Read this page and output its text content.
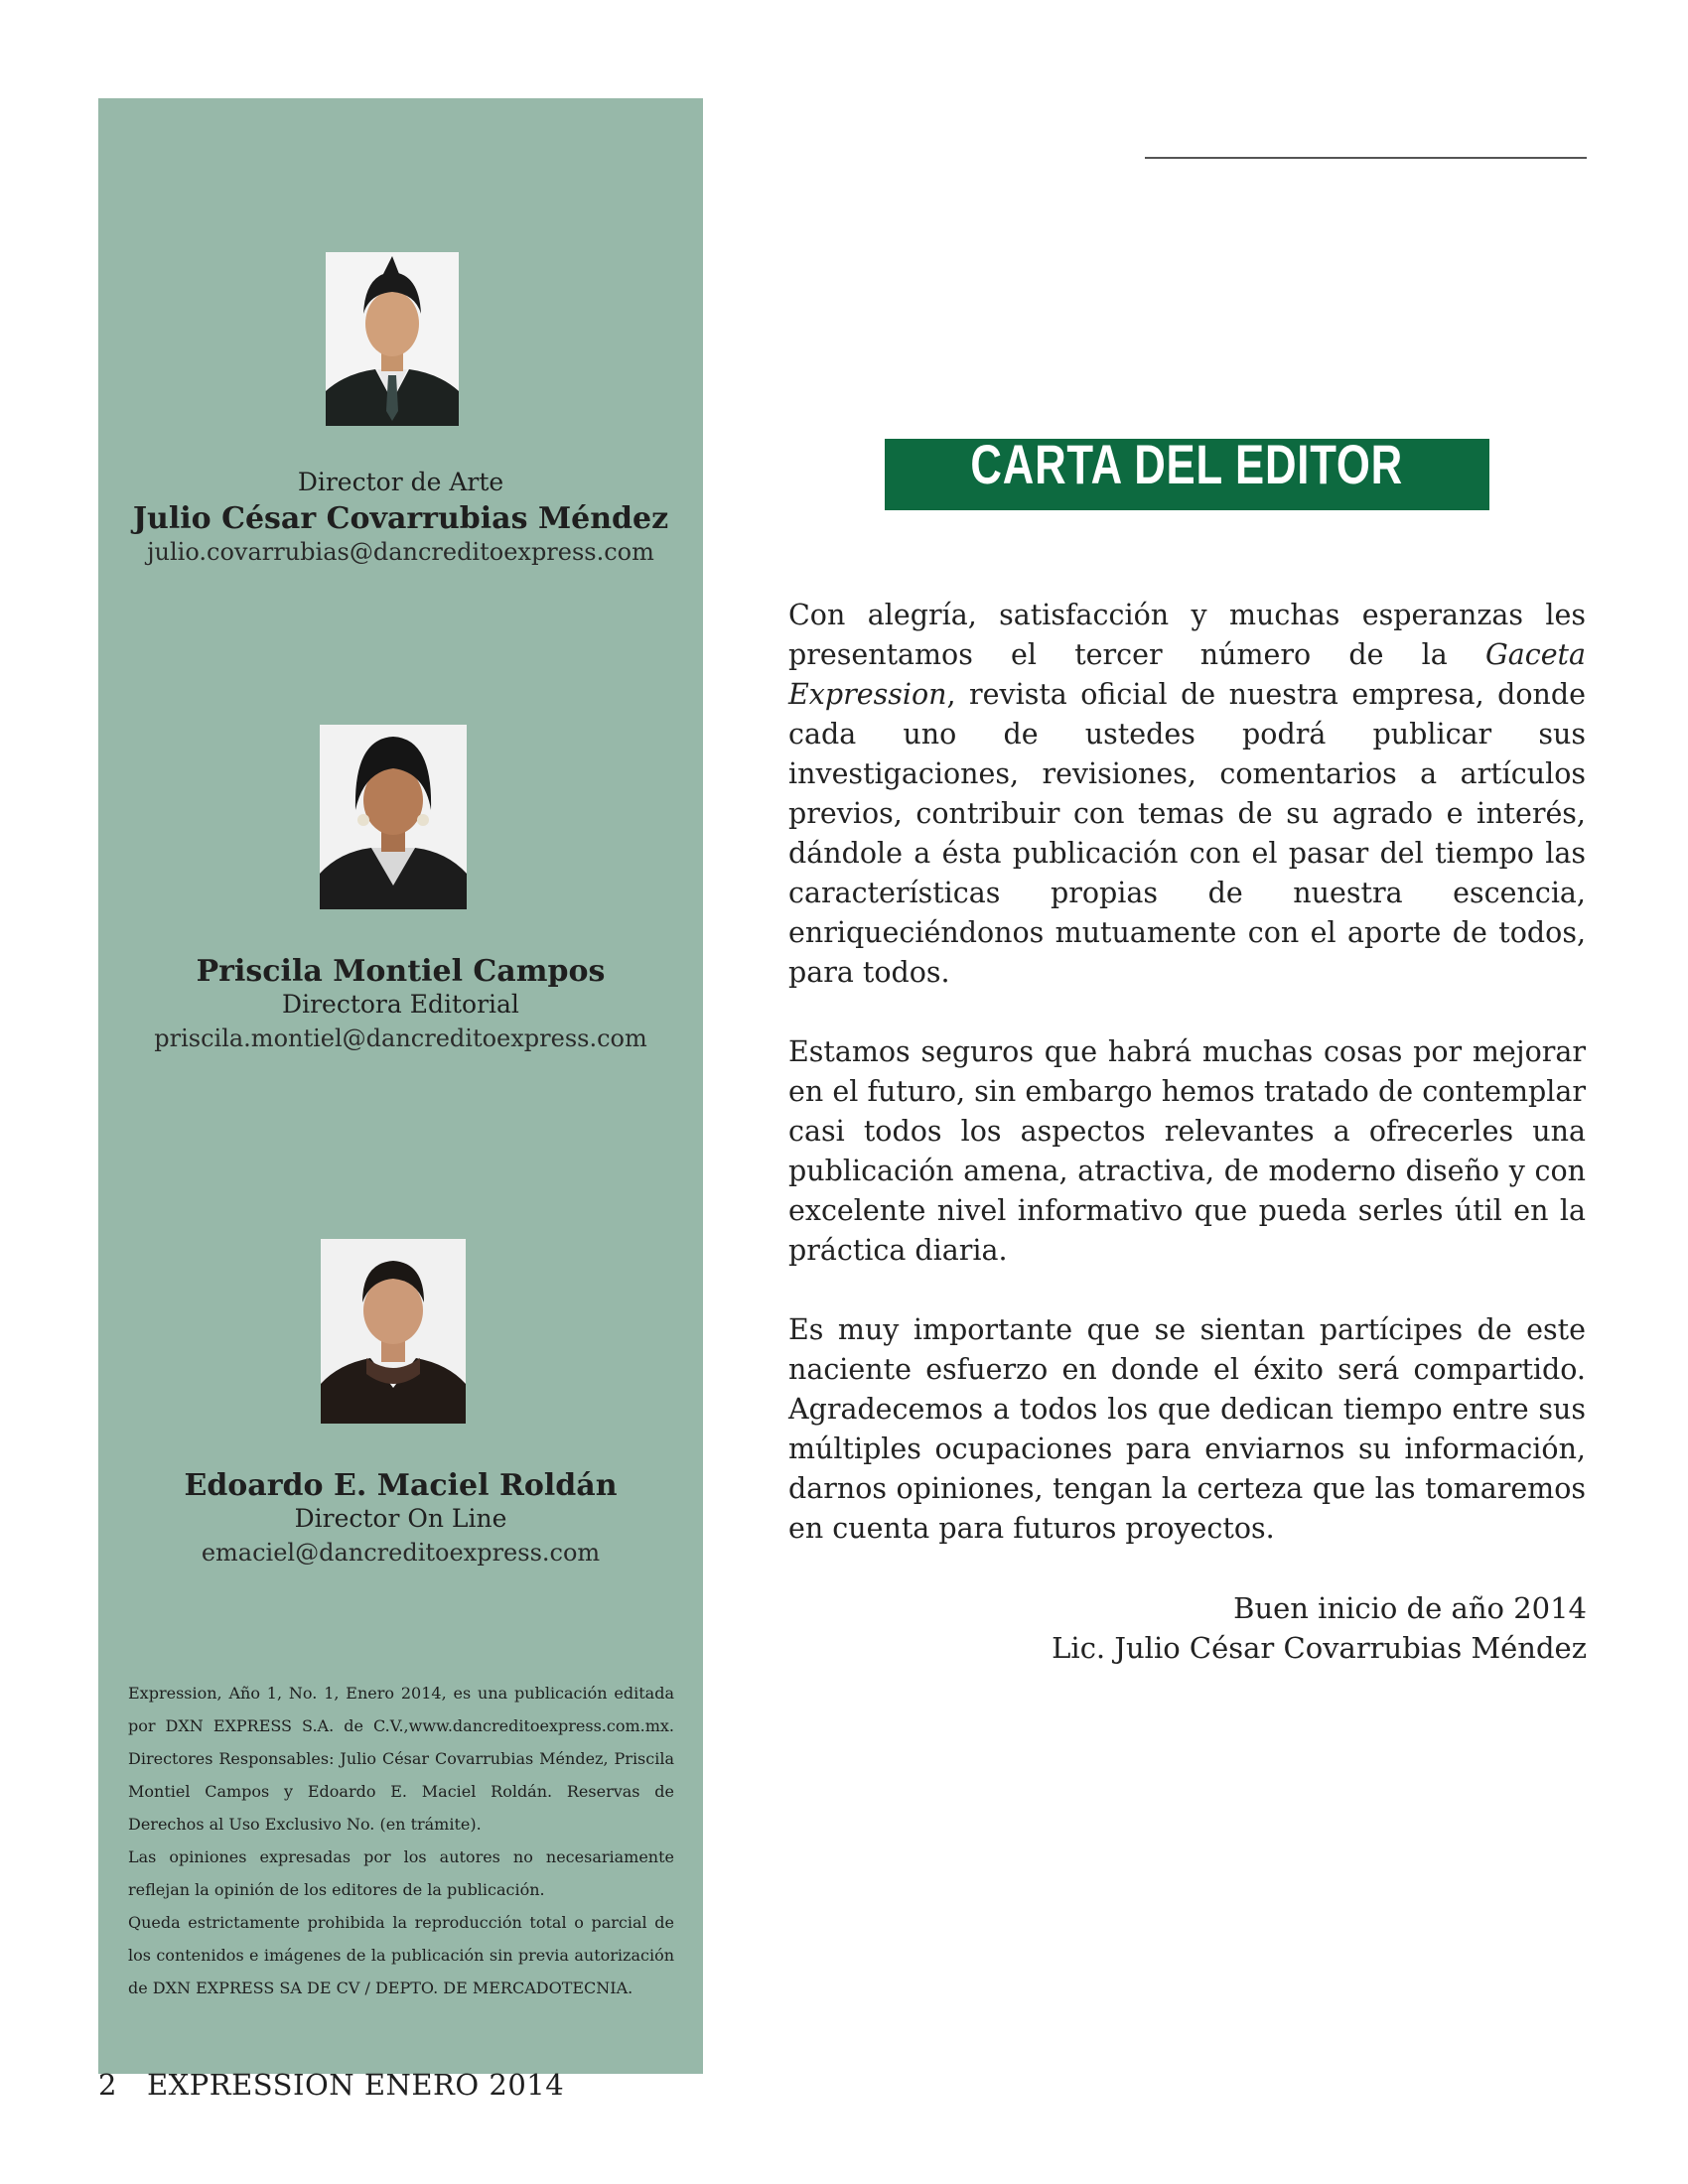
Director de Arte
Julio César Covarrubias Méndez
julio.covarrubias@dancreditoexpress.com
Priscila Montiel Campos
Directora Editorial
priscila.montiel@dancreditoexpress.com
Edoardo E. Maciel Roldán
Director On Line
emaciel@dancreditoexpress.com

Expression, Año 1, No. 1, Enero 2014, es una publicación editada por DXN EXPRESS S.A. de C.V.,www.dancreditoexpress.com.mx. Directores Responsables: Julio César Covarrubias Méndez, Priscila Montiel Campos y Edoardo E. Maciel Roldán. Reservas de Derechos al Uso Exclusivo No. (en trámite).

Las opiniones expresadas por los autores no necesariamente reflejan la opinión de los editores de la publicación.

Queda estrictamente prohibida la reproducción total o parcial de los contenidos e imágenes de la publicación sin previa autorización de DXN EXPRESS SA DE CV / DEPTO. DE MERCADOTECNIA.

2 EXPRESSION ENERO 2014
CARTA DEL EDITOR

Con alegría, satisfacción y muchas esperanzas les presentamos el tercer número de la Gaceta Expression, revista oficial de nuestra empresa, donde cada uno de ustedes podrá publicar sus investigaciones, revisiones, comentarios a artículos previos, contribuir con temas de su agrado e interés, dándole a ésta publicación con el pasar del tiempo las características propias de nuestra escencia, enriqueciéndonos mutuamente con el aporte de todos, para todos.

Estamos seguros que habrá muchas cosas por mejorar en el futuro, sin embargo hemos tratado de contemplar casi todos los aspectos relevantes a ofrecerles una publicación amena, atractiva, de moderno diseño y con excelente nivel informativo que pueda serles útil en la práctica diaria.

Es muy importante que se sientan partícipes de este naciente esfuerzo en donde el éxito será compartido. Agradecemos a todos los que dedican tiempo entre sus múltiples ocupaciones para enviarnos su información, darnos opiniones, tengan la certeza que las tomaremos en cuenta para futuros proyectos.

Buen inicio de año 2014
Lic. Julio César Covarrubias Méndez
